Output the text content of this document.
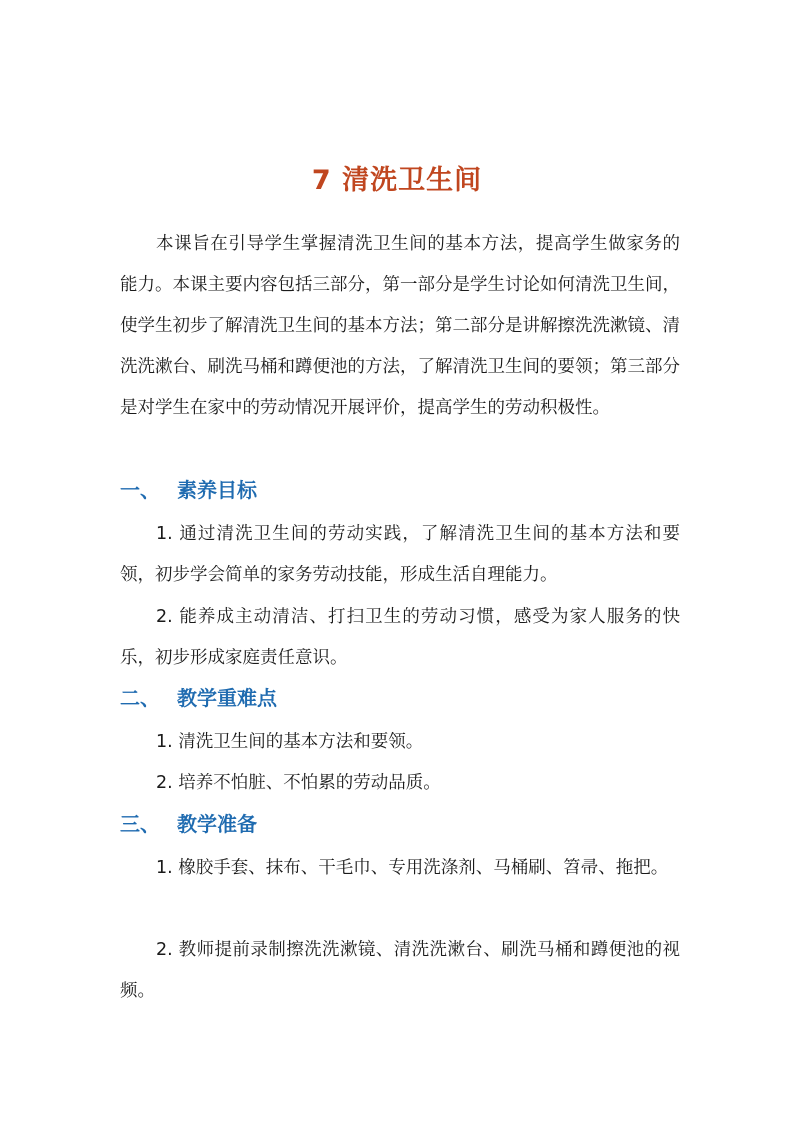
7 清洗卫生间

本课旨在引导学生掌握清洗卫生间的基本方法，提高学生做家务的能力。本课主要内容包括三部分，第一部分是学生讨论如何清洗卫生间，使学生初步了解清洗卫生间的基本方法；第二部分是讲解擦洗洗漱镜、清洗洗漱台、刷洗马桶和蹲便池的方法，了解清洗卫生间的要领；第三部分是对学生在家中的劳动情况开展评价，提高学生的劳动积极性。

一、 素养目标

1. 通过清洗卫生间的劳动实践，了解清洗卫生间的基本方法和要领，初步学会简单的家务劳动技能，形成生活自理能力。

2. 能养成主动清洁、打扫卫生的劳动习惯，感受为家人服务的快乐，初步形成家庭责任意识。

二、 教学重难点

1. 清洗卫生间的基本方法和要领。

2. 培养不怕脏、不怕累的劳动品质。

三、 教学准备

1. 橡胶手套、抹布、干毛巾、专用洗涤剂、马桶刷、笤帚、拖把。

2. 教师提前录制擦洗洗漱镜、清洗洗漱台、刷洗马桶和蹲便池的视频。
